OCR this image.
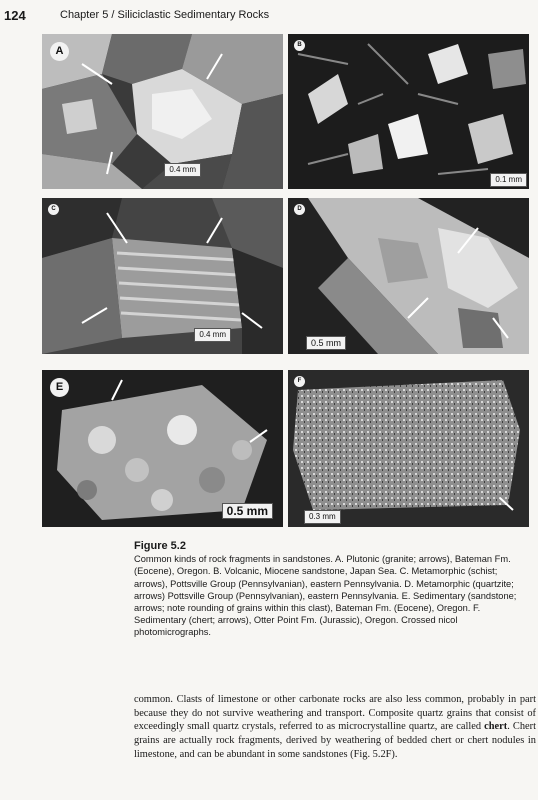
124	Chapter 5 / Siliciclastic Sedimentary Rocks
A
0.4 mm
B
0.1 mm
C
0.4 mm
D
0.5 mm
E
0.5 mm
F
0.3 mm
Figure 5.2
Common kinds of rock fragments in sandstones. A. Plutonic (granite; arrows), Bateman Fm. (Eocene), Oregon. B. Volcanic, Miocene sandstone, Japan Sea. C. Metamorphic (schist; arrows), Pottsville Group (Pennsylvanian), eastern Pennsylvania. D. Metamorphic (quartzite; arrows) Pottsville Group (Pennsylvanian), eastern Pennsylvania. E. Sedimentary (sandstone; arrows; note rounding of grains within this clast), Bateman Fm. (Eocene), Oregon. F. Sedimentary (chert; arrows), Otter Point Fm. (Jurassic), Oregon. Crossed nicol photomicrographs.
common. Clasts of limestone or other carbonate rocks are also less common, probably in part because they do not survive weathering and transport. Composite quartz grains that consist of exceedingly small quartz crystals, referred to as microcrystalline quartz, are called chert. Chert grains are actually rock fragments, derived by weathering of bedded chert or chert nodules in limestone, and can be abundant in some sandstones (Fig. 5.2F).
